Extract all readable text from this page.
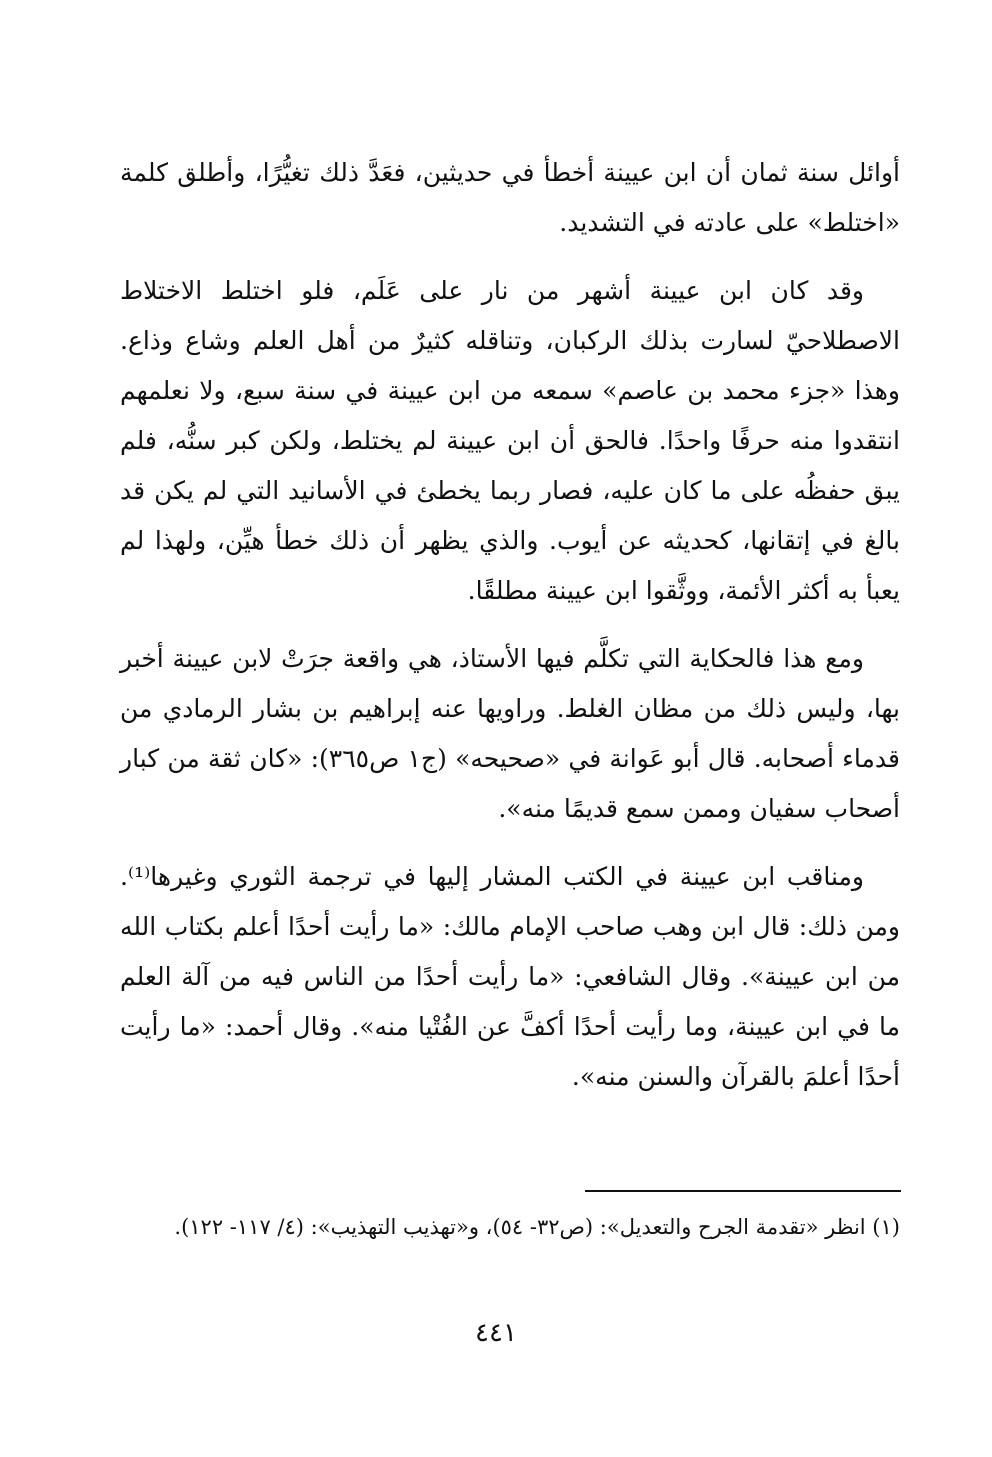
أوائل سنة ثمان أن ابن عيينة أخطأ في حديثين، فعَدَّ ذلك تغيُّرًا، وأطلق كلمة «اختلط» على عادته في التشديد.

وقد كان ابن عيينة أشهر من نار على عَلَم، فلو اختلط الاختلاط الاصطلاحيّ لسارت بذلك الركبان، وتناقله كثيرٌ من أهل العلم وشاع وذاع. وهذا «جزء محمد بن عاصم» سمعه من ابن عيينة في سنة سبع، ولا نعلمهم انتقدوا منه حرفًا واحدًا. فالحق أن ابن عيينة لم يختلط، ولكن كبر سنُّه، فلم يبق حفظُه على ما كان عليه، فصار ربما يخطئ في الأسانيد التي لم يكن قد بالغ في إتقانها، كحديثه عن أيوب. والذي يظهر أن ذلك خطأ هيِّن، ولهذا لم يعبأ به أكثر الأئمة، ووثَّقوا ابن عيينة مطلقًا.

ومع هذا فالحكاية التي تكلَّم فيها الأستاذ، هي واقعة جرَتْ لابن عيينة أخبر بها، وليس ذلك من مظان الغلط. وراويها عنه إبراهيم بن بشار الرمادي من قدماء أصحابه. قال أبو عَوانة في «صحيحه» (ج١ ص٣٦٥): «كان ثقة من كبار أصحاب سفيان وممن سمع قديمًا منه».

ومناقب ابن عيينة في الكتب المشار إليها في ترجمة الثوري وغيرها⁽¹⁾. ومن ذلك: قال ابن وهب صاحب الإمام مالك: «ما رأيت أحدًا أعلم بكتاب الله من ابن عيينة». وقال الشافعي: «ما رأيت أحدًا من الناس فيه من آلة العلم ما في ابن عيينة، وما رأيت أحدًا أكفَّ عن الفُتْيا منه». وقال أحمد: «ما رأيت أحدًا أعلمَ بالقرآن والسنن منه».

(١) انظر «تقدمة الجرح والتعديل»: (ص٣٢- ٥٤)، و«تهذيب التهذيب»: (٤/ ١١٧- ١٢٢).
٤٤١
